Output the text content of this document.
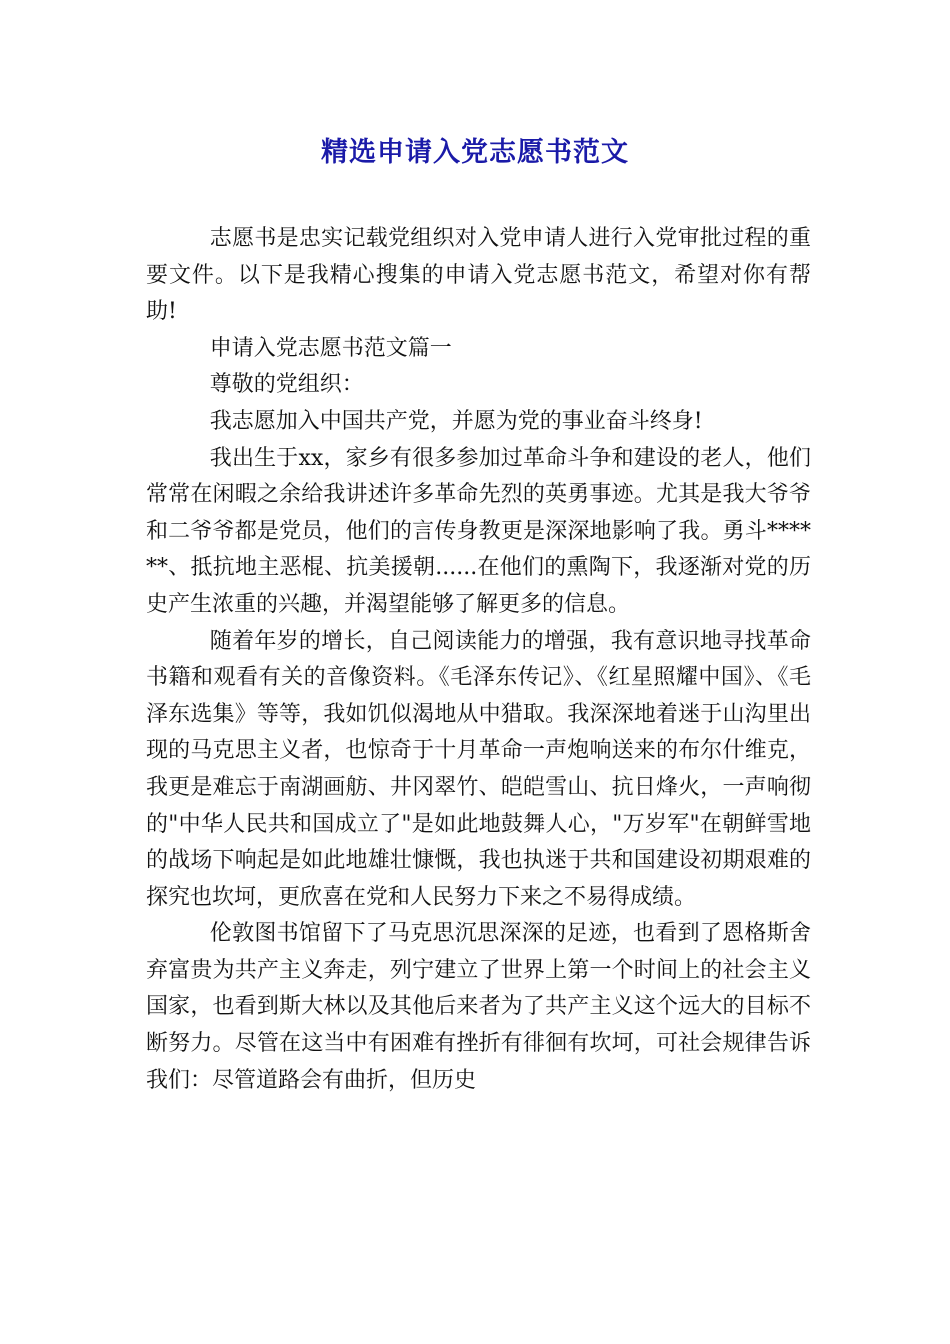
精选申请入党志愿书范文

志愿书是忠实记载党组织对入党申请人进行入党审批过程的重要文件。以下是我精心搜集的申请入党志愿书范文，希望对你有帮助!

申请入党志愿书范文篇一

尊敬的党组织：

我志愿加入中国共产党，并愿为党的事业奋斗终身!

我出生于xx，家乡有很多参加过革命斗争和建设的老人，他们常常在闲暇之余给我讲述许多革命先烈的英勇事迹。尤其是我大爷爷和二爷爷都是党员，他们的言传身教更是深深地影响了我。勇斗******、抵抗地主恶棍、抗美援朝......在他们的熏陶下，我逐渐对党的历史产生浓重的兴趣，并渴望能够了解更多的信息。

随着年岁的增长，自己阅读能力的增强，我有意识地寻找革命书籍和观看有关的音像资料。《毛泽东传记》、《红星照耀中国》、《毛泽东选集》等等，我如饥似渴地从中猎取。我深深地着迷于山沟里出现的马克思主义者，也惊奇于十月革命一声炮响送来的布尔什维克，我更是难忘于南湖画舫、井冈翠竹、皑皑雪山、抗日烽火，一声响彻的"中华人民共和国成立了"是如此地鼓舞人心，"万岁军"在朝鲜雪地的战场下响起是如此地雄壮慷慨，我也执迷于共和国建设初期艰难的探究也坎坷，更欣喜在党和人民努力下来之不易得成绩。

伦敦图书馆留下了马克思沉思深深的足迹，也看到了恩格斯舍弃富贵为共产主义奔走，列宁建立了世界上第一个时间上的社会主义国家，也看到斯大林以及其他后来者为了共产主义这个远大的目标不断努力。尽管在这当中有困难有挫折有徘徊有坎坷，可社会规律告诉我们：尽管道路会有曲折，但历史
